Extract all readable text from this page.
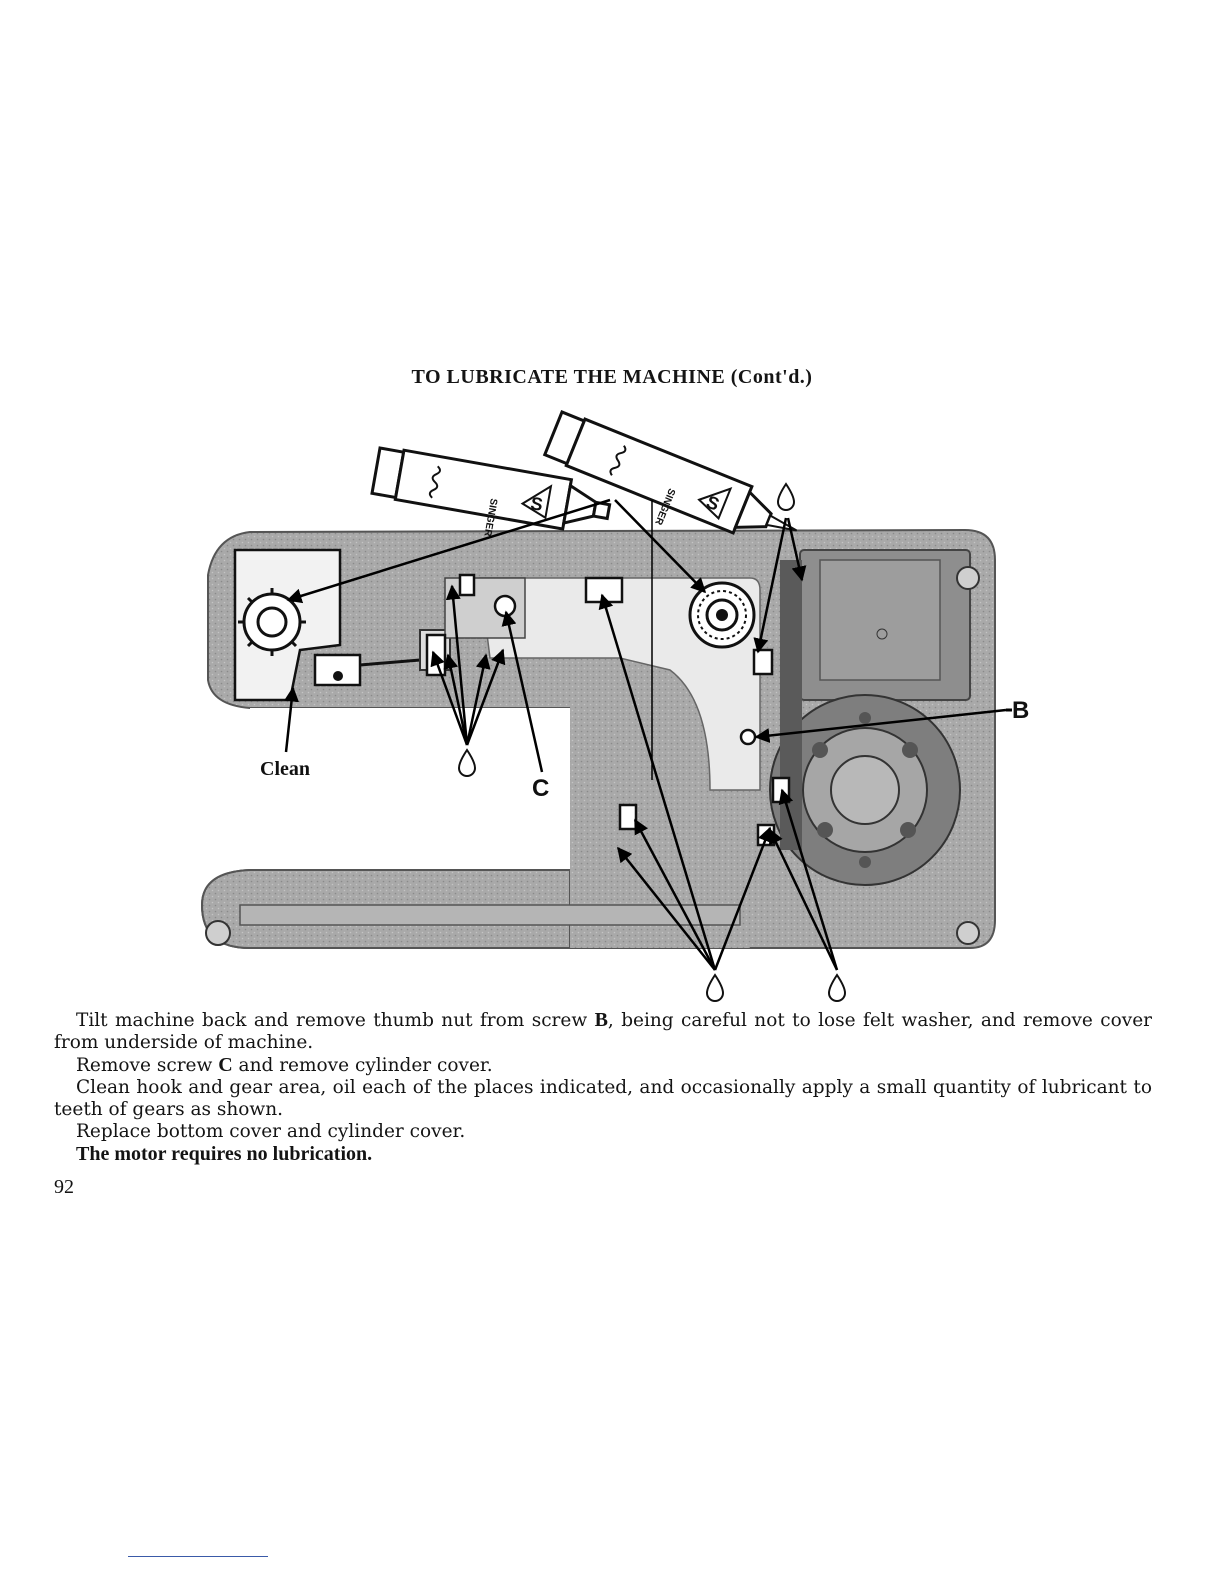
TO LUBRICATE THE MACHINE (Cont'd.)
S
SINGER	S
SINGER
Clean
C
B

Tilt machine back and remove thumb nut from screw B, being careful not to lose felt washer, and remove cover from underside of machine.

Remove screw C and remove cylinder cover.

Clean hook and gear area, oil each of the places indicated, and occasionally apply a small quantity of lubricant to teeth of gears as shown.

Replace bottom cover and cylinder cover.

The motor requires no lubrication.

92
